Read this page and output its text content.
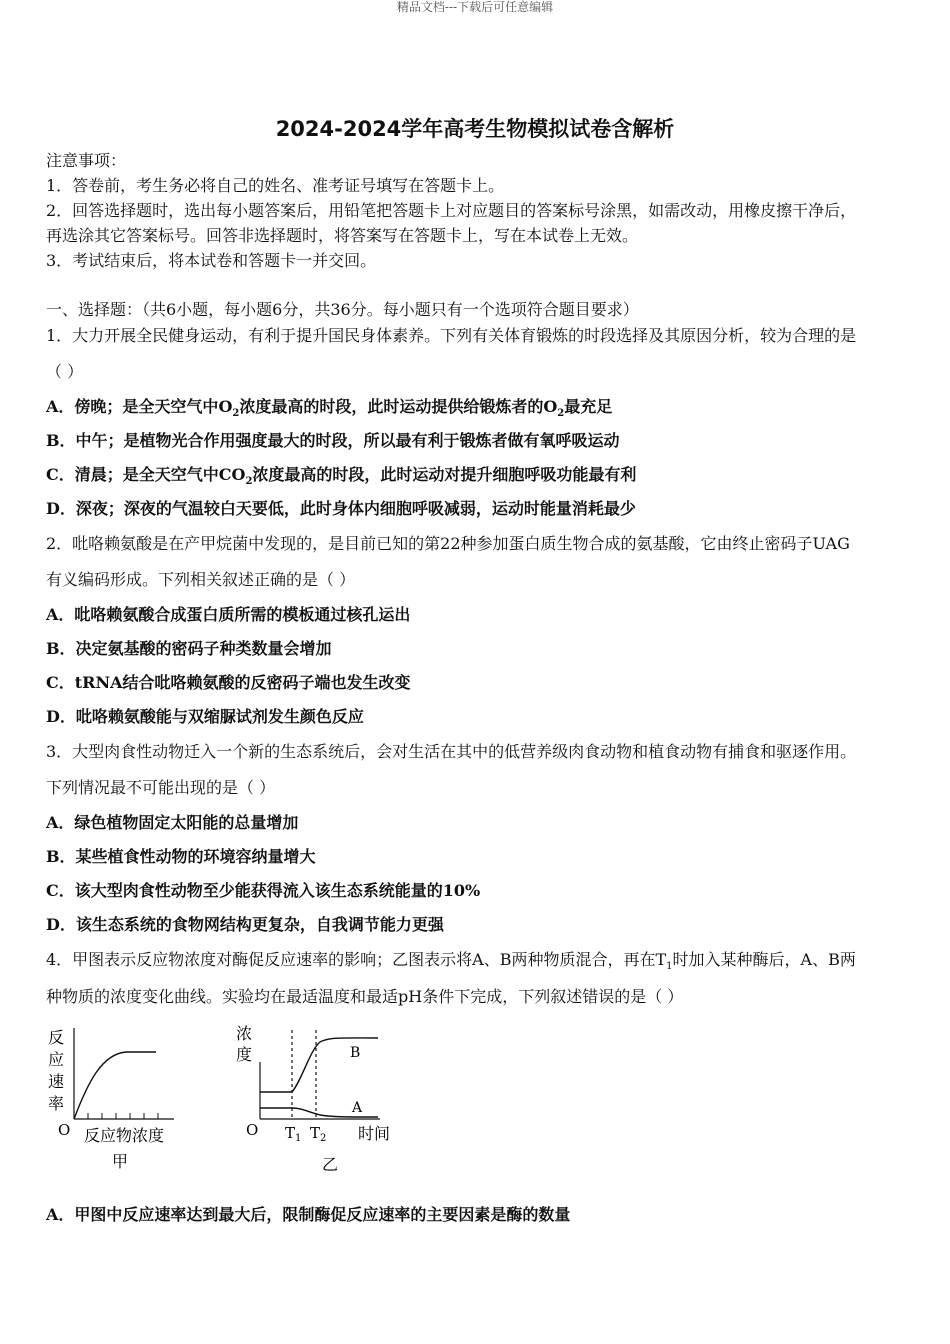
精品文档---下载后可任意编辑
2024-2024学年高考生物模拟试卷含解析
注意事项：
1．答卷前，考生务必将自己的姓名、准考证号填写在答题卡上。
2．回答选择题时，选出每小题答案后，用铅笔把答题卡上对应题目的答案标号涂黑，如需改动，用橡皮擦干净后，
再选涂其它答案标号。回答非选择题时，将答案写在答题卡上，写在本试卷上无效。
3．考试结束后，将本试卷和答题卡一并交回。
一、选择题：（共6小题，每小题6分，共36分。每小题只有一个选项符合题目要求）
1．大力开展全民健身运动，有利于提升国民身体素养。下列有关体育锻炼的时段选择及其原因分析，较为合理的是
（ ）
A．傍晚；是全天空气中$O_2$浓度最高的时段，此时运动提供给锻炼者的$O_2$最充足
B．中午；是植物光合作用强度最大的时段，所以最有利于锻炼者做有氧呼吸运动
C．清晨；是全天空气中$CO_2$浓度最高的时段，此时运动对提升细胞呼吸功能最有利
D．深夜；深夜的气温较白天要低，此时身体内细胞呼吸减弱，运动时能量消耗最少
2．吡咯赖氨酸是在产甲烷菌中发现的，是目前已知的第22种参加蛋白质生物合成的氨基酸，它由终止密码子UAG
有义编码形成。下列相关叙述正确的是（ ）
A．吡咯赖氨酸合成蛋白质所需的模板通过核孔运出
B．决定氨基酸的密码子种类数量会增加
C．tRNA结合吡咯赖氨酸的反密码子端也发生改变
D．吡咯赖氨酸能与双缩脲试剂发生颜色反应
3．大型肉食性动物迁入一个新的生态系统后，会对生活在其中的低营养级肉食动物和植食动物有捕食和驱逐作用。
下列情况最不可能出现的是（ ）
A．绿色植物固定太阳能的总量增加
B．某些植食性动物的环境容纳量增大
C．该大型肉食性动物至少能获得流入该生态系统能量的10%
D．该生态系统的食物网结构更复杂，自我调节能力更强
4．甲图表示反应物浓度对酶促反应速率的影响；乙图表示将A、B两种物质混合，再在$T_1$时加入某种酶后，A、B两
种物质的浓度变化曲线。实验均在最适温度和最适pH条件下完成，下列叙述错误的是（ ）
反
应
速
率
O 反应物浓度
甲
浓
度	B
A
O $T_1$ $T_2$ 时间
乙
A．甲图中反应速率达到最大后，限制酶促反应速率的主要因素是酶的数量
